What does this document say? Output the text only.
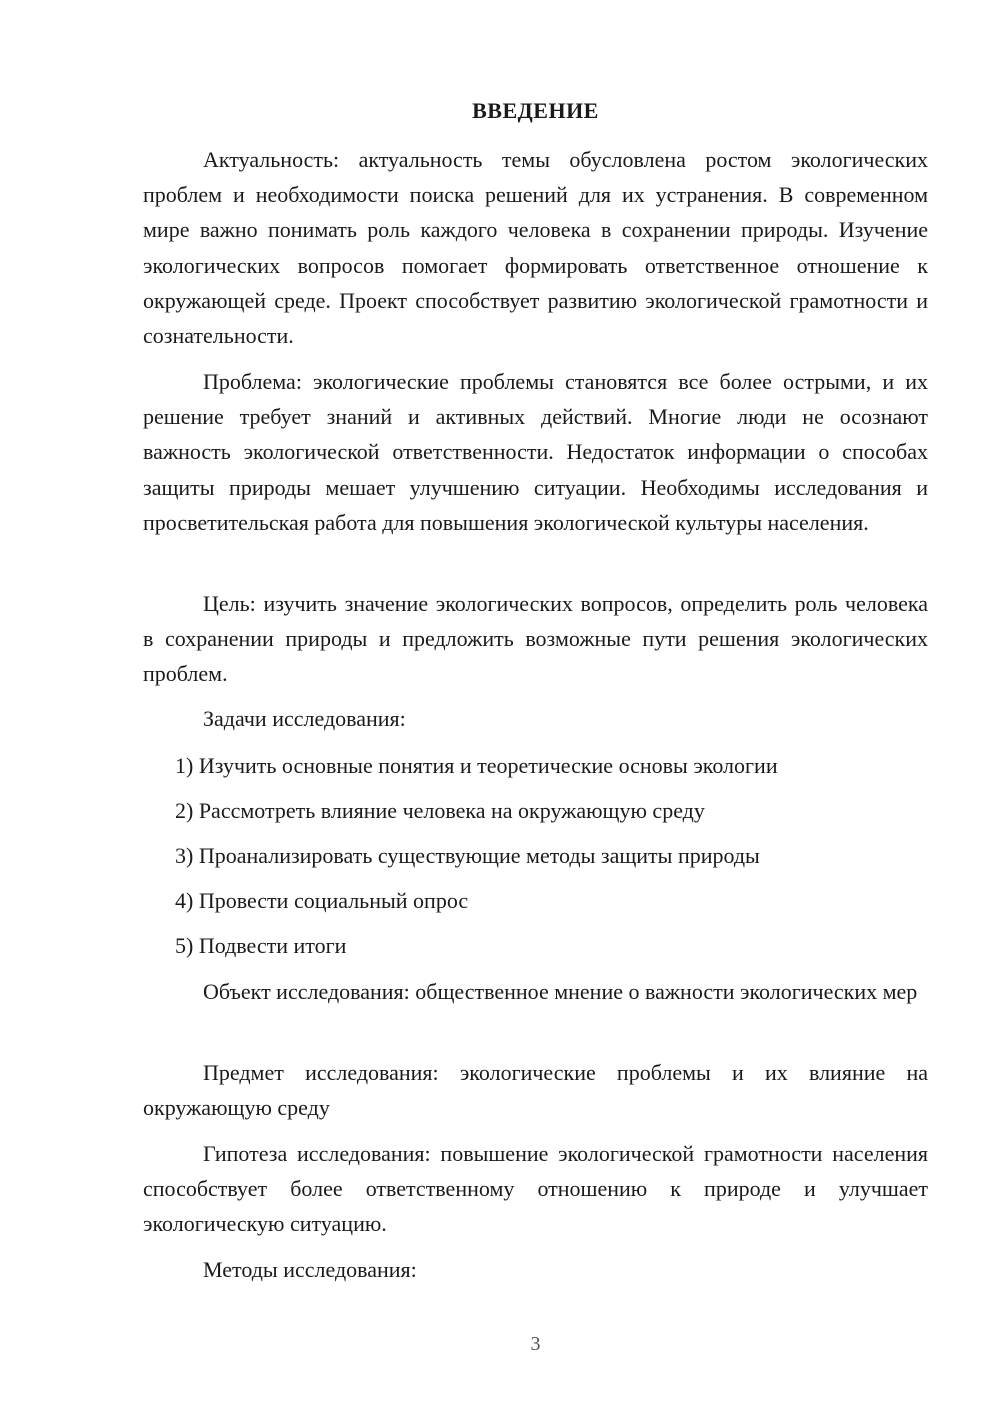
ВВЕДЕНИЕ

Актуальность: актуальность темы обусловлена ростом экологических проблем и необходимости поиска решений для их устранения. В современном мире важно понимать роль каждого человека в сохранении природы. Изучение экологических вопросов помогает формировать ответственное отношение к окружающей среде. Проект способствует развитию экологической грамотности и сознательности.

Проблема: экологические проблемы становятся все более острыми, и их решение требует знаний и активных действий. Многие люди не осознают важность экологической ответственности. Недостаток информации о способах защиты природы мешает улучшению ситуации. Необходимы исследования и просветительская работа для повышения экологической культуры населения.

Цель: изучить значение экологических вопросов, определить роль человека в сохранении природы и предложить возможные пути решения экологических проблем.

Задачи исследования:

1) Изучить основные понятия и теоретические основы экологии

2) Рассмотреть влияние человека на окружающую среду

3) Проанализировать существующие методы защиты природы

4) Провести социальный опрос

5) Подвести итоги

Объект исследования: общественное мнение о важности экологических мер

Предмет исследования: экологические проблемы и их влияние на окружающую среду

Гипотеза исследования: повышение экологической грамотности населения способствует более ответственному отношению к природе и улучшает экологическую ситуацию.

Методы исследования:

3
